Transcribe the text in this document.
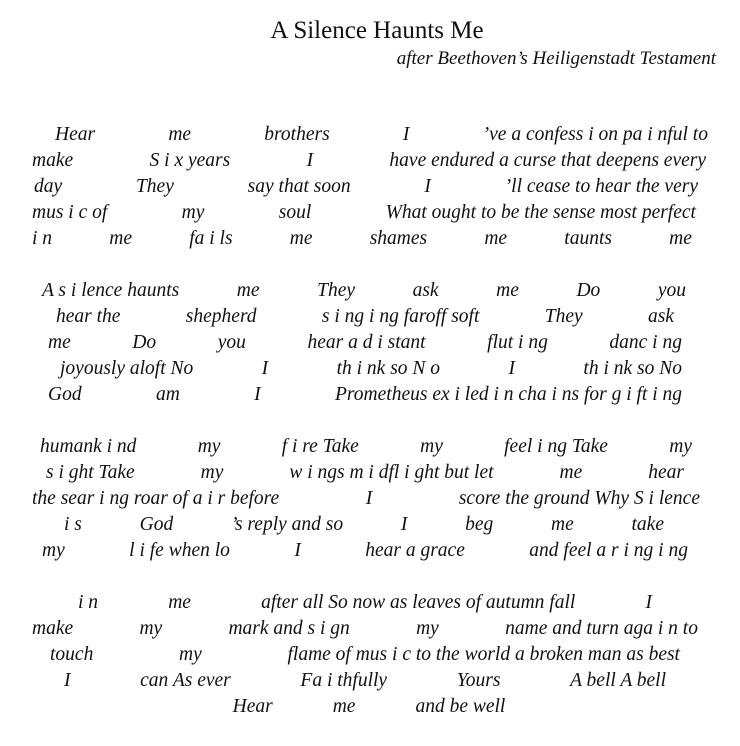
A Silence Haunts Me
after Beethoven’s Heiligenstadt Testament
Hear	me	brothers	I	’ve a confess i on pa i nful to
make	S i x years	I	have endured a curse that deepens every
day	They	say that soon	I	’ll cease to hear the very
mus i c of	my	soul	What ought to be the sense most perfect
i n	me	fa i ls	me	shames	me	taunts	me
A s i lence haunts	me	They	ask	me	Do	you
hear the	shepherd	s i ng i ng faroff soft	They	ask
me	Do	you	hear a d i stant	flut i ng	danc i ng
joyously aloft No	I	th i nk so N o	I	th i nk so No
God	am	I	Prometheus ex i led i n cha i ns for g i ft i ng
humank i nd	my	f i re Take	my	feel i ng Take	my
s i ght Take	my	w i ngs m i dfl i ght but let	me	hear
the sear i ng roar of a i r before	I	score the ground Why S i lence
i s	God	’s reply and so	I	beg	me	take
my	l i fe when lo	I	hear a grace	and feel a r i ng i ng
i n	me	after all So now as leaves of autumn fall	I
make	my	mark and s i gn	my	name and turn aga i n to
touch	my	flame of mus i c to the world a broken man as best
I	can As ever	Fa i thfully	Yours	A bell A bell
Hear	me	and be well
